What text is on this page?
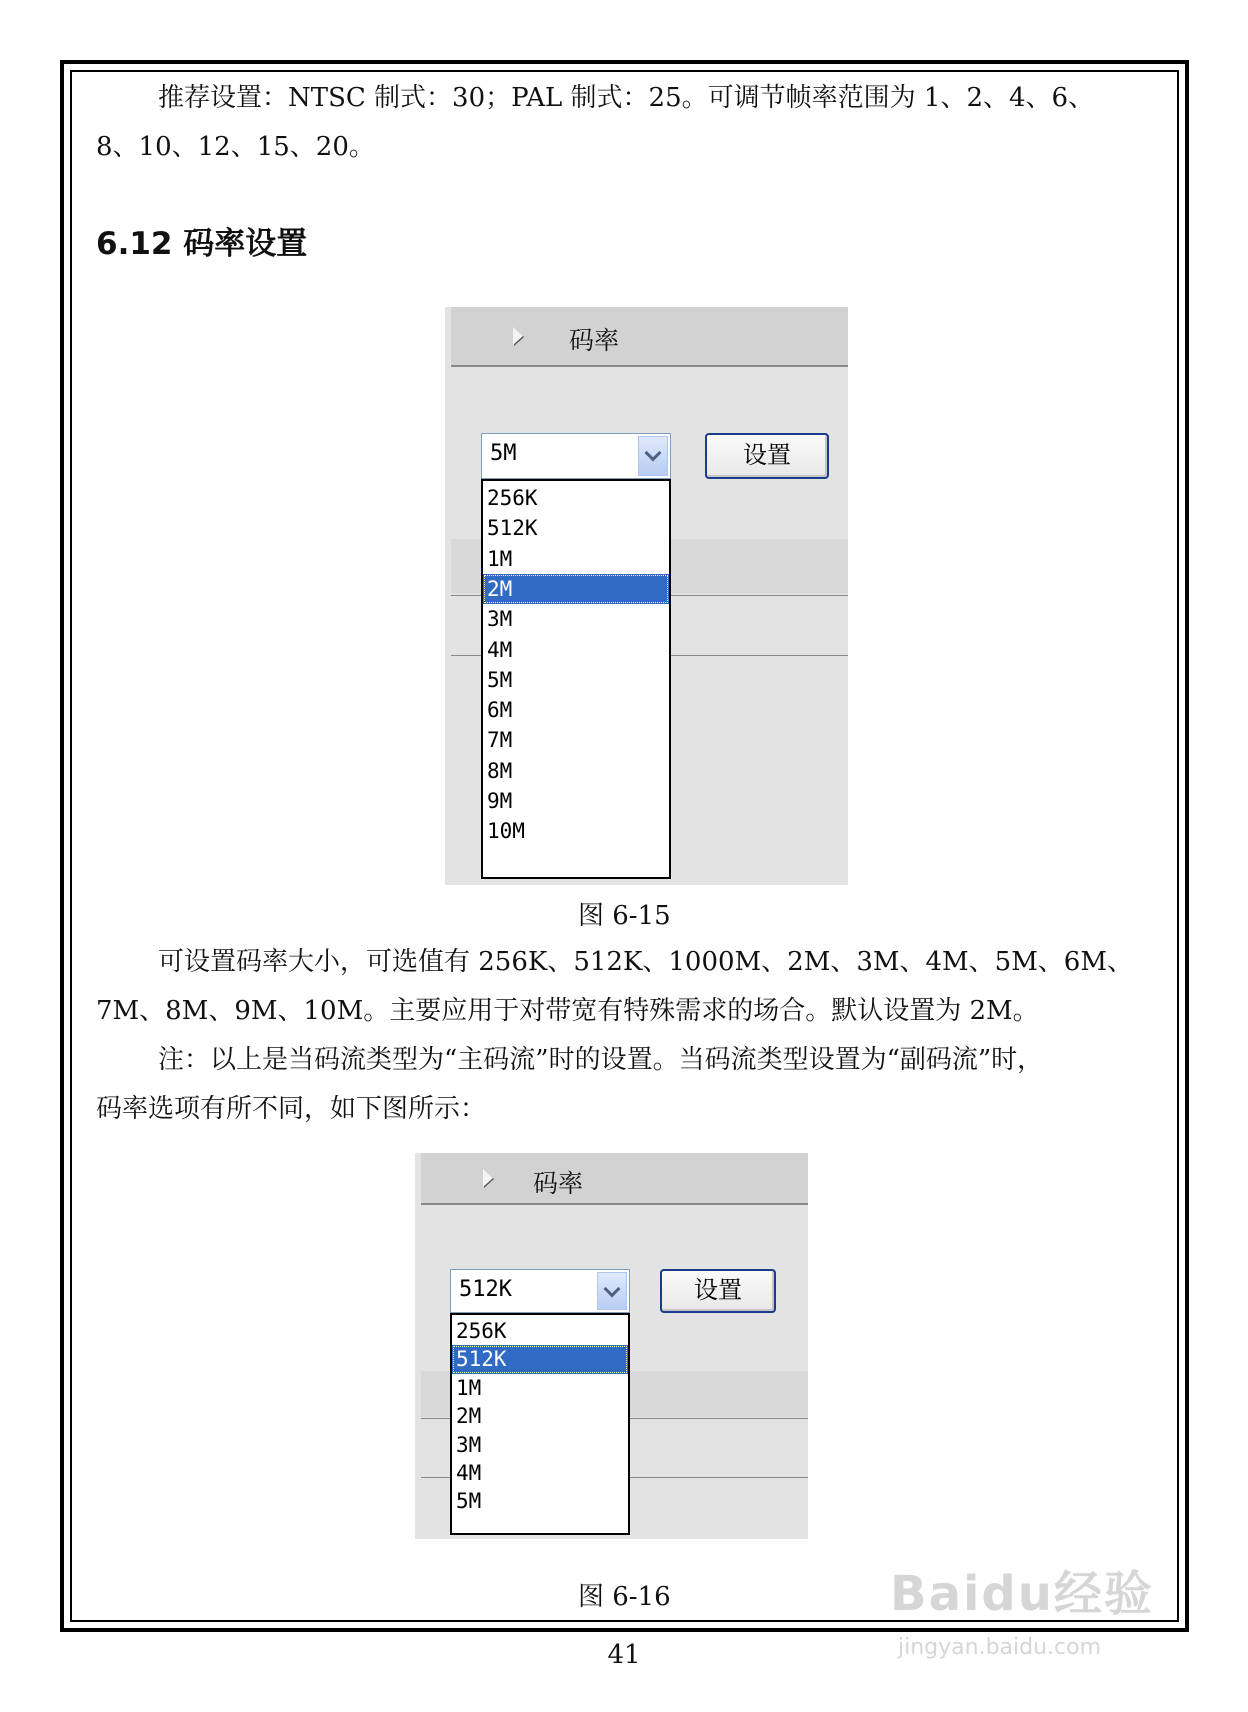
推荐设置：NTSC 制式：30；PAL 制式：25。可调节帧率范围为 1、2、4、6、
8、10、12、15、20。
6.12 码率设置
码率
5M	设置
256K
512K
1M
2M
3M
4M
5M
6M
7M
8M
9M
10M
图 6-15
可设置码率大小，可选值有 256K、512K、1000M、2M、3M、4M、5M、6M、
7M、8M、9M、10M。主要应用于对带宽有特殊需求的场合。默认设置为 2M。
注：以上是当码流类型为“主码流”时的设置。当码流类型设置为“副码流”时，
码率选项有所不同，如下图所示：
码率
512K	设置
256K
512K
1M
2M
3M
4M
5M
图 6-16
41
Baidu经验
jingyan.baidu.com
